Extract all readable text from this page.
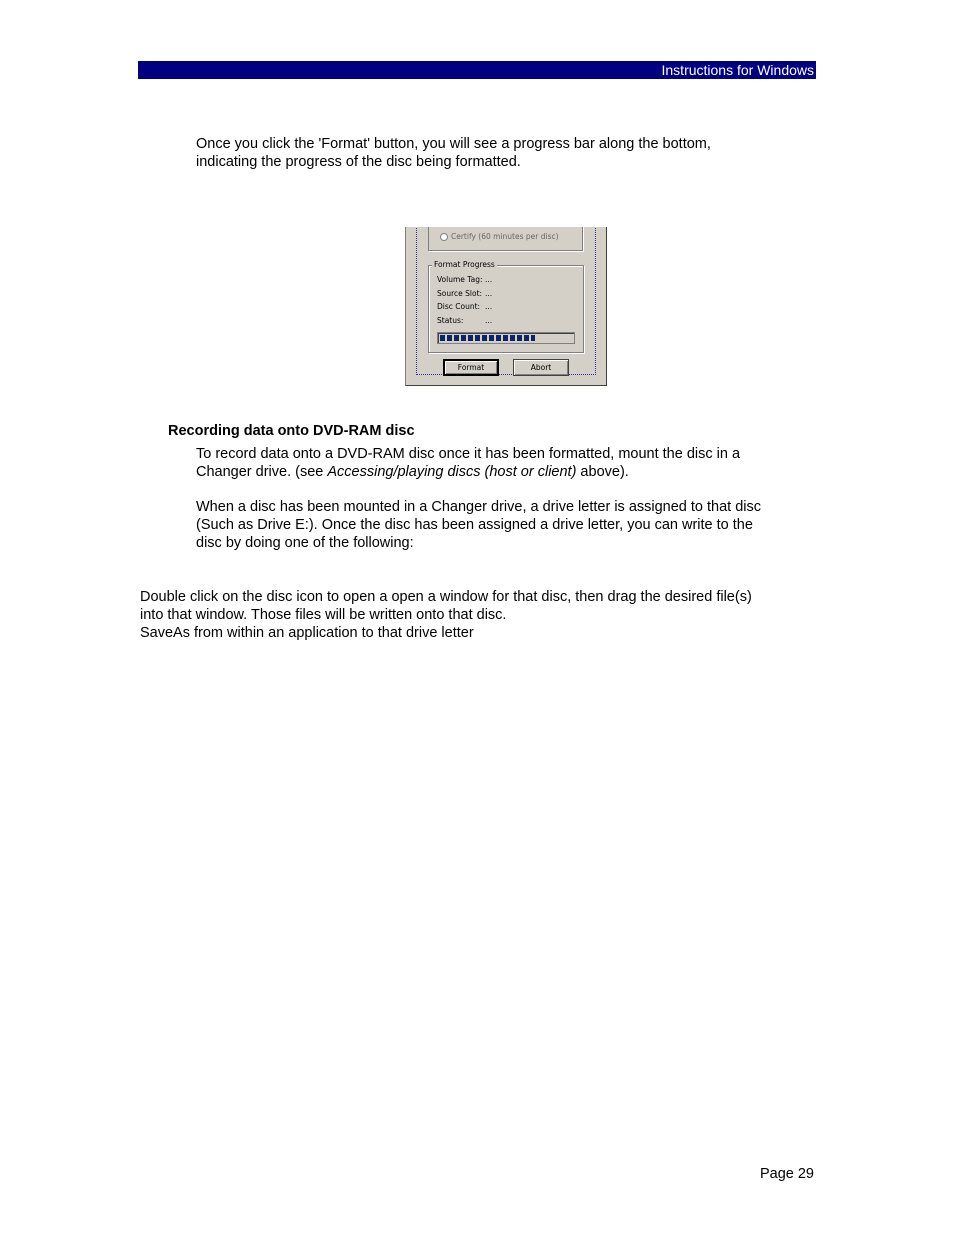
Instructions for Windows

Once you click the 'Format' button, you will see a progress bar along the bottom,
indicating the progress of the disc being formatted.

Certify (60 minutes per disc)
Format Progress
Volume Tag: ...
Source Slot: ...
Disc Count: ...
Status:	...
Format	Abort

Recording data onto DVD-RAM disc

To record data onto a DVD-RAM disc once it has been formatted, mount the disc in a
Changer drive. (see Accessing/playing discs (host or client) above).

When a disc has been mounted in a Changer drive, a drive letter is assigned to that disc
(Such as Drive E:). Once the disc has been assigned a drive letter, you can write to the
disc by doing one of the following:

Double click on the disc icon to open a open a window for that disc, then drag the desired file(s)
into that window. Those files will be written onto that disc.
SaveAs from within an application to that drive letter

Page 29
